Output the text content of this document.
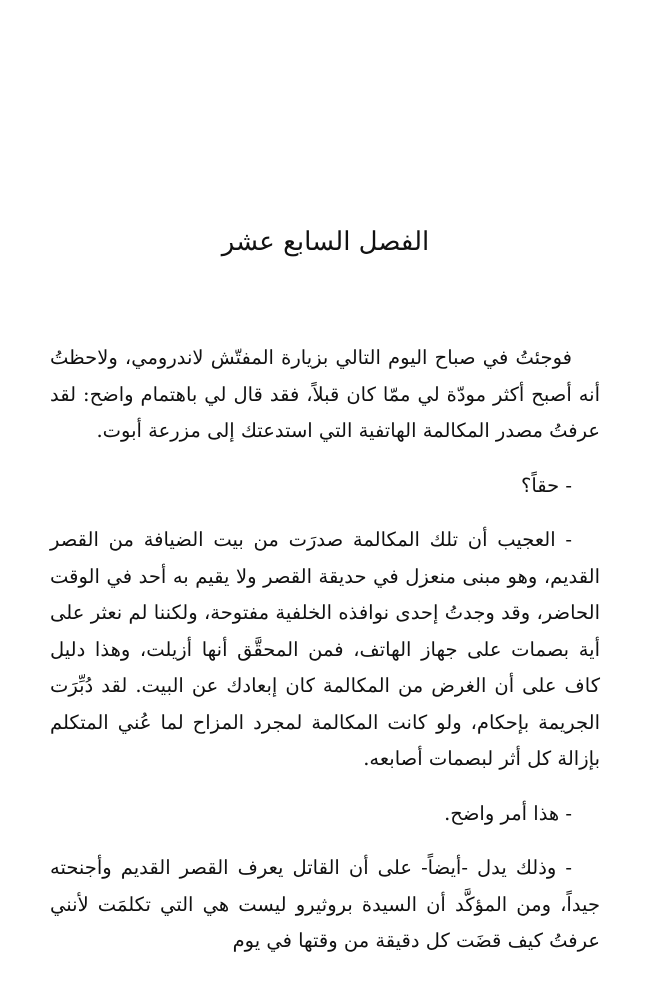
الفصل السابع عشر

فوجئتُ في صباح اليوم التالي بزيارة المفتّش لاندرومي، ولاحظتُ أنه أصبح أكثر مودّة لي ممّا كان قبلاً، فقد قال لي باهتمام واضح: لقد عرفتُ مصدر المكالمة الهاتفية التي استدعتك إلى مزرعة أبوت.

- حقاً؟

- العجيب أن تلك المكالمة صدرَت من بيت الضيافة من القصر القديم، وهو مبنى منعزل في حديقة القصر ولا يقيم به أحد في الوقت الحاضر، وقد وجدتُ إحدى نوافذه الخلفية مفتوحة، ولكننا لم نعثر على أية بصمات على جهاز الهاتف، فمن المحقَّق أنها أزيلت، وهذا دليل كاف على أن الغرض من المكالمة كان إبعادك عن البيت. لقد دُبِّرَت الجريمة بإحكام، ولو كانت المكالمة لمجرد المزاح لما عُني المتكلم بإزالة كل أثر لبصمات أصابعه.

- هذا أمر واضح.

- وذلك يدل -أيضاً- على أن القاتل يعرف القصر القديم وأجنحته جيداً، ومن المؤكَّد أن السيدة بروثيرو ليست هي التي تكلمَت لأنني عرفتُ كيف قضَت كل دقيقة من وقتها في يوم
